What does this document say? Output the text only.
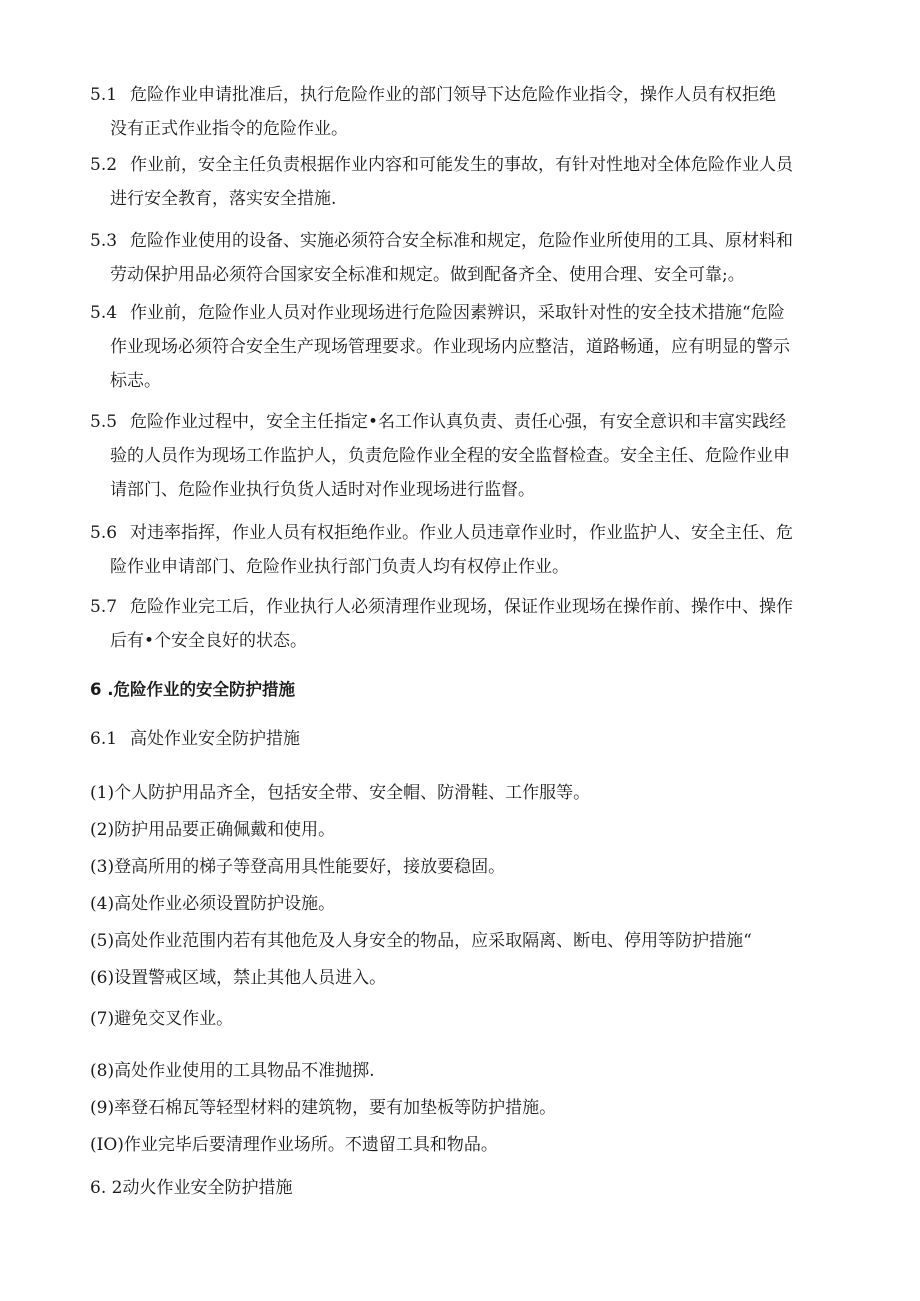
5.1 危险作业申请批准后，执行危险作业的部门领导下达危险作业指令，操作人员有权拒绝
没有正式作业指令的危险作业。
5.2 作业前，安全主任负责根据作业内容和可能发生的事故，有针对性地对全体危险作业人员
进行安全教育，落实安全措施.
5.3 危险作业使用的设备、实施必须符合安全标准和规定，危险作业所使用的工具、原材料和
劳动保护用品必须符合国家安全标准和规定。做到配备齐全、使用合理、安全可靠;。
5.4 作业前，危险作业人员对作业现场进行危险因素辨识，采取针对性的安全技术措施“危险
作业现场必须符合安全生产现场管理要求。作业现场内应整洁，道路畅通，应有明显的警示
标志。
5.5 危险作业过程中，安全主任指定•名工作认真负责、责任心强，有安全意识和丰富实践经
验的人员作为现场工作监护人，负责危险作业全程的安全监督检查。安全主任、危险作业申
请部门、危险作业执行负货人适时对作业现场进行监督。
5.6 对违率指挥，作业人员有权拒绝作业。作业人员违章作业时，作业监护人、安全主任、危
险作业申请部门、危险作业执行部门负责人均有权停止作业。
5.7 危险作业完工后，作业执行人必须清理作业现场，保证作业现场在操作前、操作中、操作
后有•个安全良好的状态。
6 .危险作业的安全防护措施
6.1 高处作业安全防护措施
(1)个人防护用品齐全，包括安全带、安全帽、防滑鞋、工作服等。
(2)防护用品要正确佩戴和使用。
(3)登高所用的梯子等登高用具性能要好，接放要稳固。
(4)高处作业必须设置防护设施。
(5)高处作业范围内若有其他危及人身安全的物品，应采取隔离、断电、停用等防护措施“
(6)设置警戒区域，禁止其他人员进入。
(7)避免交叉作业。
(8)高处作业使用的工具物品不准抛掷.
(9)率登石棉瓦等轻型材料的建筑物，要有加垫板等防护措施。
(IO)作业完毕后要清理作业场所。不遗留工具和物品。
6. 2动火作业安全防护措施
